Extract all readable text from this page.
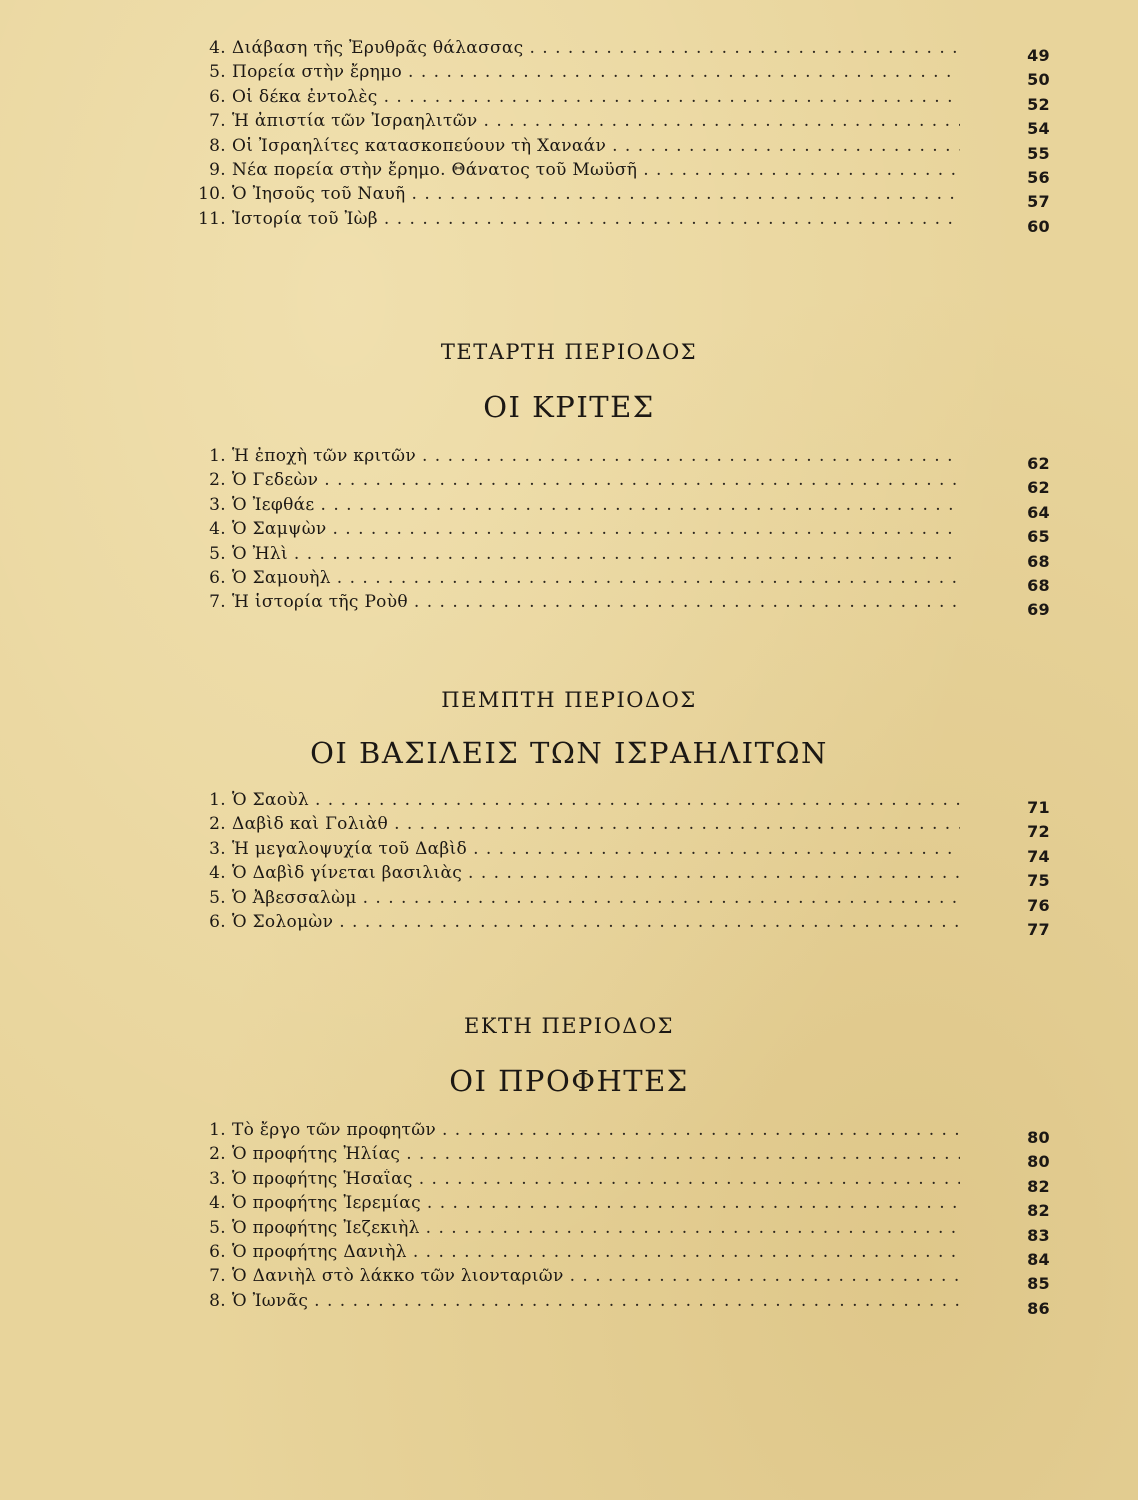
4. Διάβαση τῆς Ἐρυθρᾶς θάλασσας . . .	49
5. Πορεία στὴν ἔρημο . . .	50
6. Οἱ δέκα ἐντολὲς . . .	52
7. Ἡ ἀπιστία τῶν Ἰσραηλιτῶν . . .	54
8. Οἱ Ἰσραηλίτες κατασκοπεύουν τὴ Χαναάν . . .	55
9. Νέα πορεία στὴν ἔρημο. Θάνατος τοῦ Μωϋσῆ . . .	56
10. Ὁ Ἰησοῦς τοῦ Ναυῆ . . .	57
11. Ἱστορία τοῦ Ἰὼβ . . .	60
ΤΕΤΑΡΤΗ ΠΕΡΙΟΔΟΣ
ΟΙ ΚΡΙΤΕΣ
1. Ἡ ἐποχὴ τῶν κριτῶν . . .	62
2. Ὁ Γεδεὼν . . .	62
3. Ὁ Ἰεφθάε . . .	64
4. Ὁ Σαμψὼν . . .	65
5. Ὁ Ἠλὶ . . .	68
6. Ὁ Σαμουὴλ . . .	68
7. Ἡ ἱστορία τῆς Ροὺθ . . .	69
ΠΕΜΠΤΗ ΠΕΡΙΟΔΟΣ
ΟΙ ΒΑΣΙΛΕΙΣ ΤΩΝ ΙΣΡΑΗΛΙΤΩΝ
1. Ὁ Σαοὺλ . . .	71
2. Δαβὶδ καὶ Γολιὰθ . . .	72
3. Ἡ μεγαλοψυχία τοῦ Δαβὶδ . . .	74
4. Ὁ Δαβὶδ γίνεται βασιλιὰς . . .	75
5. Ὁ Ἀβεσσαλὼμ . . .	76
6. Ὁ Σολομὼν . . .	77
ΕΚΤΗ ΠΕΡΙΟΔΟΣ
ΟΙ ΠΡΟΦΗΤΕΣ
1. Τὸ ἔργο τῶν προφητῶν . . .	80
2. Ὁ προφήτης Ἠλίας . . .	80
3. Ὁ προφήτης Ἡσαΐας . . .	82
4. Ὁ προφήτης Ἰερεμίας . . .	82
5. Ὁ προφήτης Ἰεζεκιὴλ . . .	83
6. Ὁ προφήτης Δανιὴλ . . .	84
7. Ὁ Δανιὴλ στὸ λάκκο τῶν λιονταριῶν . . .	85
8. Ὁ Ἰωνᾶς . . .	86
